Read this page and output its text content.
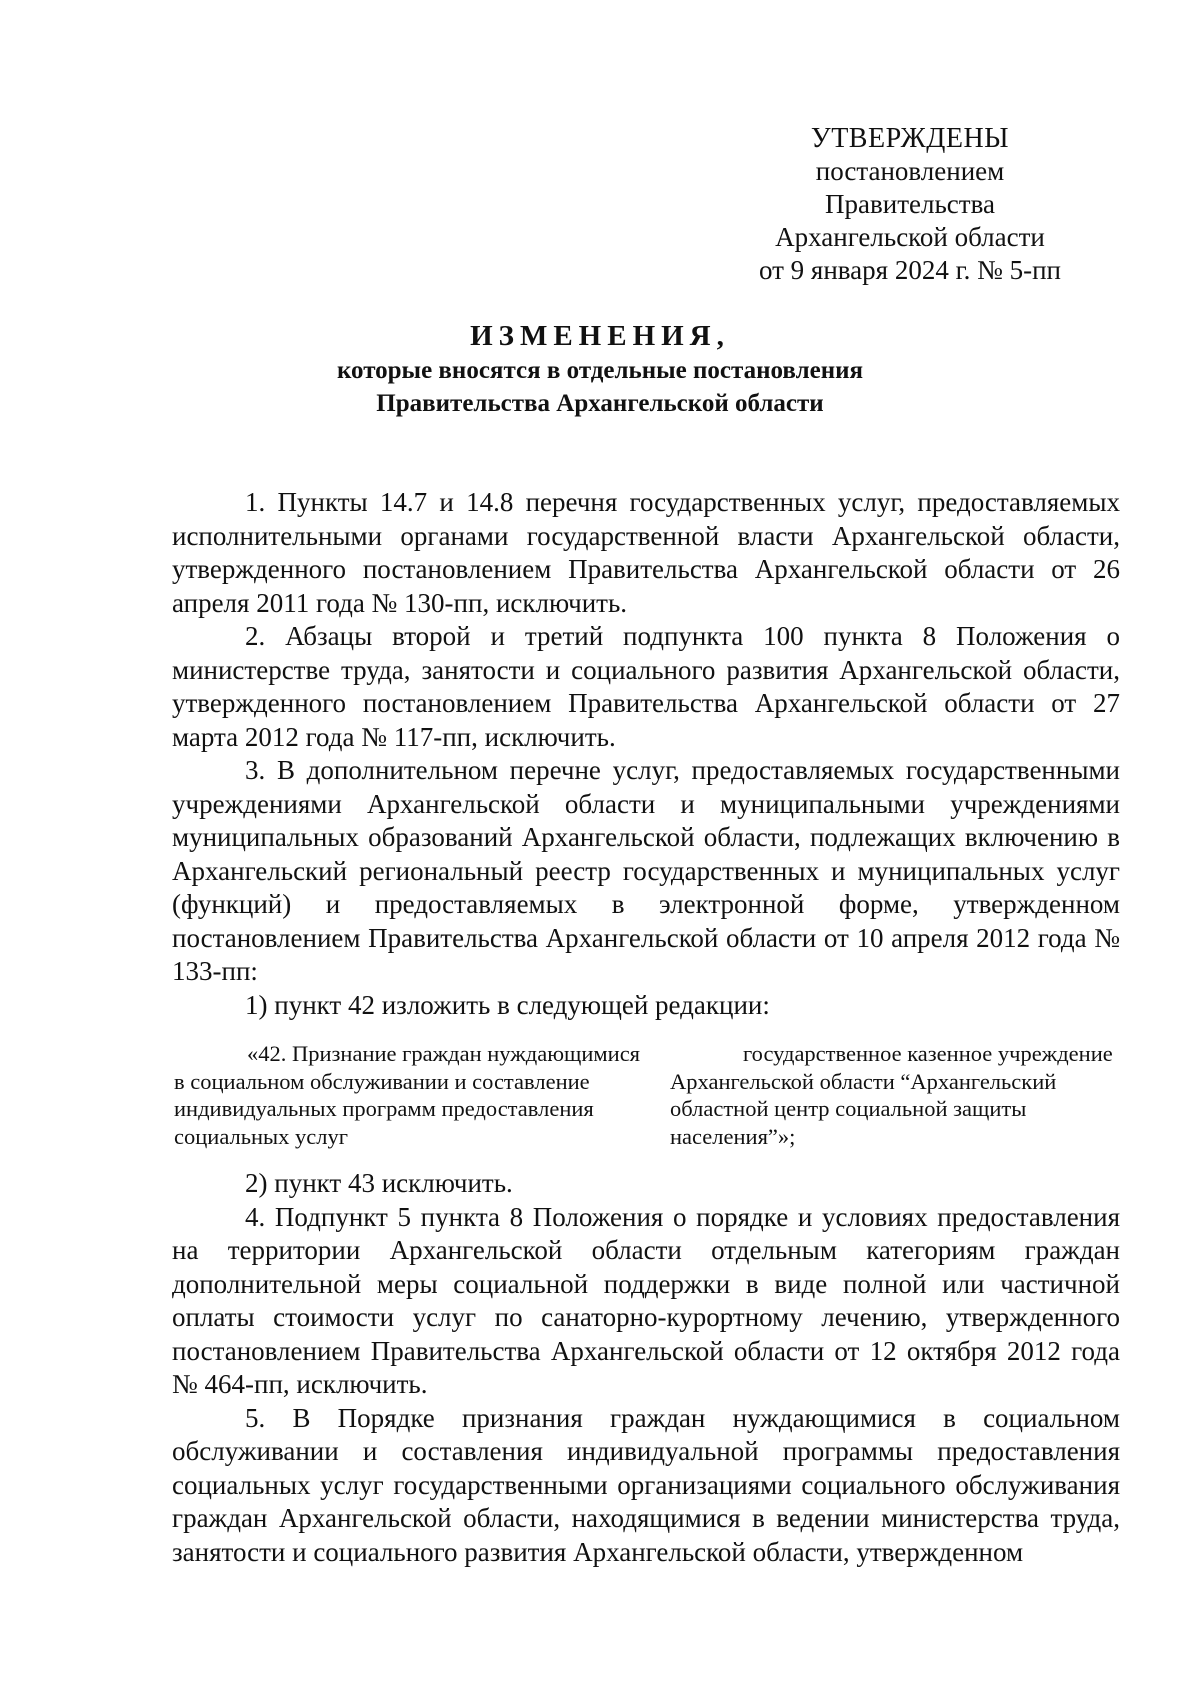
УТВЕРЖДЕНЫ
постановлением Правительства
Архангельской области
от 9 января 2024 г. № 5-пп
ИЗМЕНЕНИЯ,
которые вносятся в отдельные постановления
Правительства Архангельской области

1. Пункты 14.7 и 14.8 перечня государственных услуг, предоставляемых исполнительными органами государственной власти Архангельской области, утвержденного постановлением Правительства Архангельской области от 26 апреля 2011 года № 130-пп, исключить.

2. Абзацы второй и третий подпункта 100 пункта 8 Положения о министерстве труда, занятости и социального развития Архангельской области, утвержденного постановлением Правительства Архангельской области от 27 марта 2012 года № 117-пп, исключить.

3. В дополнительном перечне услуг, предоставляемых государственными учреждениями Архангельской области и муниципальными учреждениями муниципальных образований Архангельской области, подлежащих включению в Архангельский региональный реестр государственных и муниципальных услуг (функций) и предоставляемых в электронной форме, утвержденном постановлением Правительства Архангельской области от 10 апреля 2012 года № 133-пп:

1) пункт 42 изложить в следующей редакции:

«42. Признание граждан нуждающимися
в социальном обслуживании и составление
индивидуальных программ предоставления
социальных услуг

государственное казенное учреждение
Архангельской области “Архангельский
областной центр социальной защиты
населения”»;

2) пункт 43 исключить.

4. Подпункт 5 пункта 8 Положения о порядке и условиях предоставления на территории Архангельской области отдельным категориям граждан дополнительной меры социальной поддержки в виде полной или частичной оплаты стоимости услуг по санаторно-курортному лечению, утвержденного постановлением Правительства Архангельской области от 12 октября 2012 года № 464-пп, исключить.

5. В Порядке признания граждан нуждающимися в социальном обслуживании и составления индивидуальной программы предоставления социальных услуг государственными организациями социального обслуживания граждан Архангельской области, находящимися в ведении министерства труда, занятости и социального развития Архангельской области, утвержденном
